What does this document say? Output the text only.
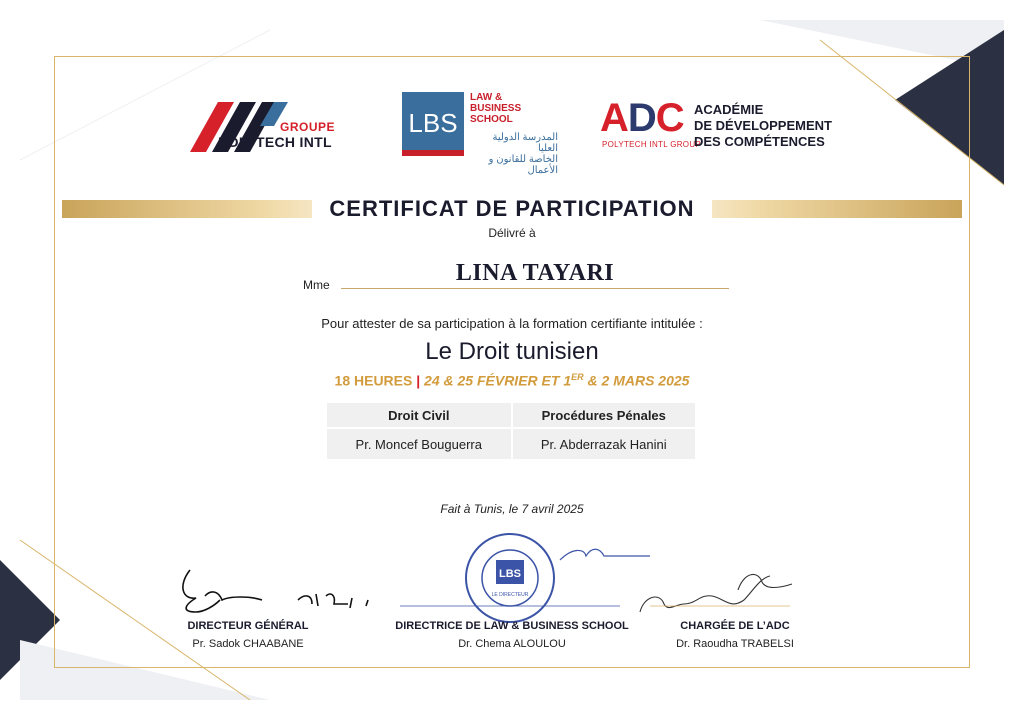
GROUPE
POLYTECH INTL
LBS
LAW &
BUSINESS
SCHOOL
المدرسة الدولية العليا
الخاصة للقانون و الأعمال
ADC
POLYTECH INTL GROUP
ACADÉMIE
DE DÉVELOPPEMENT
DES COMPÉTENCES
CERTIFICAT DE PARTICIPATION
Délivré à
Mme	LINA TAYARI
Pour attester de sa participation à la formation certifiante intitulée :
Le Droit tunisien
18 HEURES | 24 & 25 FÉVRIER ET 1ER & 2 MARS 2025
Droit Civil	Procédures Pénales
Pr. Moncef Bouguerra	Pr. Abderrazak Hanini
Fait à Tunis, le 7 avril 2025
LBS
LE DIRECTEUR
DIRECTEUR GÉNÉRAL
Pr. Sadok CHAABANE
DIRECTRICE DE LAW & BUSINESS SCHOOL
Dr. Chema ALOULOU
CHARGÉE DE L’ADC
Dr. Raoudha TRABELSI
